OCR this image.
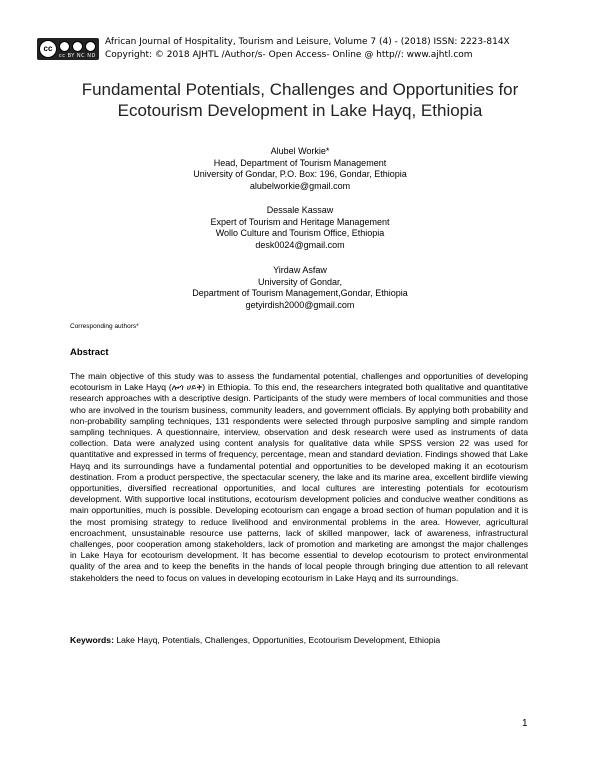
cc
cc BY NC ND
African Journal of Hospitality, Tourism and Leisure, Volume 7 (4) - (2018) ISSN: 2223-814X
Copyright: © 2018 AJHTL /Author/s- Open Access- Online @ http//: www.ajhtl.com
Fundamental Potentials, Challenges and Opportunities for
Ecotourism Development in Lake Hayq, Ethiopia
Alubel Workie*
Head, Department of Tourism Management
University of Gondar, P.O. Box: 196, Gondar, Ethiopia
alubelworkie@gmail.com
Dessale Kassaw
Expert of Tourism and Heritage Management
Wollo Culture and Tourism Office, Ethiopia
desk0024@gmail.com
Yirdaw Asfaw
University of Gondar,
Department of Tourism Management,Gondar, Ethiopia
getyirdish2000@gmail.com
Corresponding authors*
Abstract
The main objective of this study was to assess the fundamental potential, challenges and opportunities of developing ecotourism in Lake Hayq (ሎጎ ሀይቅ) in Ethiopia. To this end, the researchers integrated both qualitative and quantitative research approaches with a descriptive design. Participants of the study were members of local communities and those who are involved in the tourism business, community leaders, and government officials. By applying both probability and non-probability sampling techniques, 131 respondents were selected through purposive sampling and simple random sampling techniques. A questionnaire, interview, observation and desk research were used as instruments of data collection. Data were analyzed using content analysis for qualitative data while SPSS version 22 was used for quantitative and expressed in terms of frequency, percentage, mean and standard deviation. Findings showed that Lake Hayq and its surroundings have a fundamental potential and opportunities to be developed making it an ecotourism destination. From a product perspective, the spectacular scenery, the lake and its marine area, excellent birdlife viewing opportunities, diversified recreational opportunities, and local cultures are interesting potentials for ecotourism development. With supportive local institutions, ecotourism development policies and conducive weather conditions as main opportunities, much is possible. Developing ecotourism can engage a broad section of human population and it is the most promising strategy to reduce livelihood and environmental problems in the area. However, agricultural encroachment, unsustainable resource use patterns, lack of skilled manpower, lack of awareness, infrastructural challenges, poor cooperation among stakeholders, lack of promotion and marketing are amongst the major challenges in Lake Haya for ecotourism development. It has become essential to develop ecotourism to protect environmental quality of the area and to keep the benefits in the hands of local people through bringing due attention to all relevant stakeholders the need to focus on values in developing ecotourism in Lake Hayq and its surroundings.
Keywords: Lake Hayq, Potentials, Challenges, Opportunities, Ecotourism Development, Ethiopia
1
